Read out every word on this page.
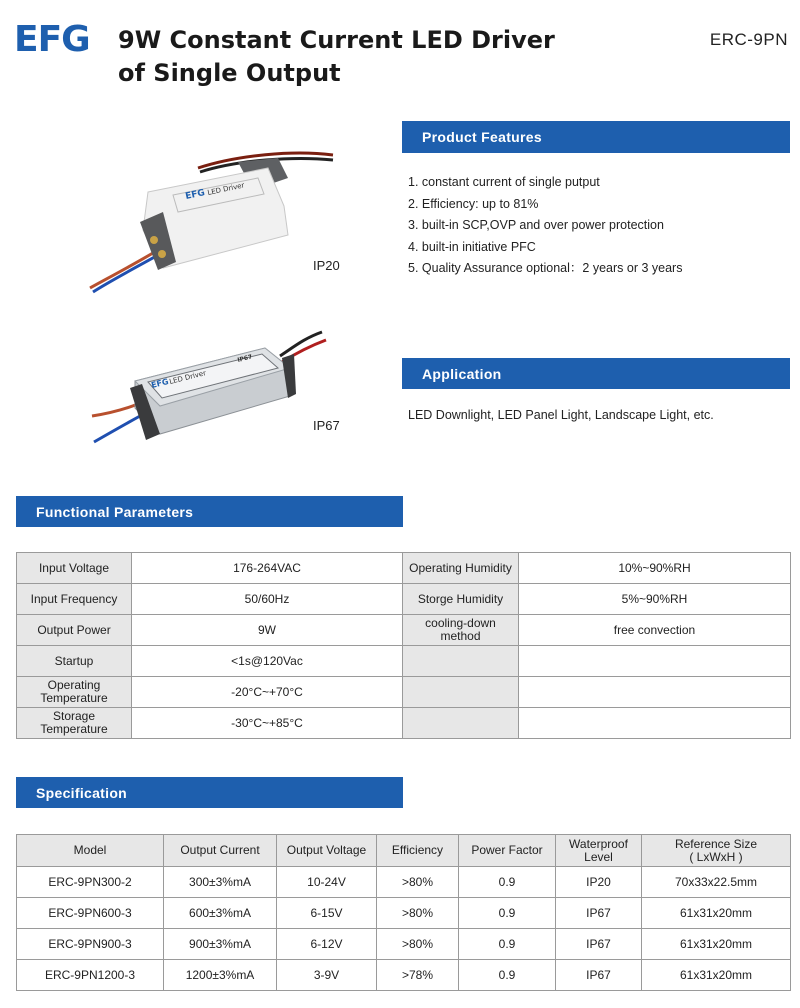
EFG 9W Constant Current LED Driver
of Single Output
ERC-9PN
EFG LED Driver
IP20
EFG LED Driver
IP67
IP67
Product Features
1. constant current of single putput
2. Efficiency: up to 81%
3. built-in SCP,OVP and over power protection
4. built-in initiative PFC
5. Quality Assurance optional：2 years or 3 years
Application
LED Downlight, LED Panel Light, Landscape Light, etc.
Functional Parameters
Input Voltage	176-264VAC	Operating Humidity	10%~90%RH
Input Frequency	50/60Hz	Storge Humidity	5%~90%RH
Output Power	9W	cooling-down method	free convection
Startup	<1s@120Vac		
Operating Temperature	-20°C~+70°C		
Storage Temperature	-30°C~+85°C		
Specification
Model	Output Current	Output Voltage	Efficiency	Power Factor	Waterproof Level	Reference Size
( LxWxH )
ERC-9PN300-2	300±3%mA	10-24V	>80%	0.9	IP20	70x33x22.5mm
ERC-9PN600-3	600±3%mA	6-15V	>80%	0.9	IP67	61x31x20mm
ERC-9PN900-3	900±3%mA	6-12V	>80%	0.9	IP67	61x31x20mm
ERC-9PN1200-3	1200±3%mA	3-9V	>78%	0.9	IP67	61x31x20mm
